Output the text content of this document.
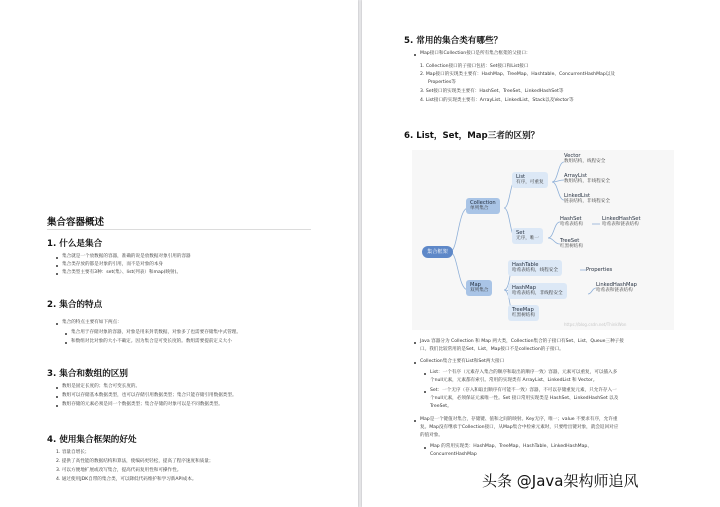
集合容器概述
1. 什么是集合
集合就是一个放数据的容器，准确的说是放数据对象引用的容器
集合类存放的都是对象的引用，而不是对象的本身
集合类型主要有3种：set(集）、list(列表）和map(映射)。
2. 集合的特点
集合的特点主要有如下两点：
集合用于存储对象的容器，对象是用来封装数据，对象多了也需要存储集中式管理。
和数组对比对象的大小不确定。因为集合是可变长度的。数组需要提前定义大小
3. 集合和数组的区别
数组是固定长度的；集合可变长度的。
数组可以存储基本数据类型，也可以存储引用数据类型；集合只能存储引用数据类型。
数组存储的元素必须是同一个数据类型；集合存储的对象可以是不同数据类型。
4. 使用集合框架的好处
1. 容量自增长；
2. 提供了高性能的数据结构和算法，使编码更轻松，提高了程序速度和质量；
3. 可以方便地扩展或改写集合，提高代码复用性和可操作性。
4. 通过使用JDK自带的集合类，可以降低代码维护和学习新API成本。
5. 常用的集合类有哪些？
Map接口和Collection接口是所有集合框架的父接口：
1. Collection接口的子接口包括：Set接口和List接口
2. Map接口的实现类主要有：HashMap、TreeMap、Hashtable、ConcurrentHashMap以及
Properties等
3. Set接口的实现类主要有：HashSet、TreeSet、LinkedHashSet等
4. List接口的实现类主要有：ArrayList、LinkedList、Stack以及Vector等
6. List，Set，Map三者的区别？
集合框架
Collection
单列集合
Map
双列集合
List
有序，可重复
Set
无序，唯一
Vector
数组结构，线程安全
ArrayList
数组结构，非线程安全
LinkedList
链表结构，非线程安全
HashSet
哈希表结构
LinkedHashSet
哈希表和链表结构
TreeSet
红黑树结构
HashTable
哈希表结构，线程安全	Properties
HashMap
哈希表结构，非线程安全
LinkedHashMap
哈希表和链表结构
TreeMap
红黑树结构
https://blog.csdn.net/ThinkWon
Java 容器分为 Collection 和 Map 两大类，Collection集合的子接口有Set、List、Queue三种子接
口。我们比较常用的是Set、List，Map接口不是collection的子接口。
Collection集合主要有List和Set两大接口
List：一个有序（元素存入集合的顺序和取出的顺序一致）容器，元素可以重复，可以插入多
个null元素，元素都有索引。常用的实现类有 ArrayList、LinkedList 和 Vector。
Set：一个无序（存入和取出顺序有可能不一致）容器，不可以存储重复元素，只允许存入一
个null元素，必须保证元素唯一性。Set 接口常用实现类是 HashSet、LinkedHashSet 以及
TreeSet。
Map是一个键值对集合，存储键、值和之间的映射。Key无序，唯一；value 不要求有序，允许重
复。Map没有继承于Collection接口，从Map集合中检索元素时，只要给出键对象，就会返回对应
的值对象。
Map 的常用实现类：HashMap、TreeMap、HashTable、LinkedHashMap、
ConcurrentHashMap
头条 @Java架构师追风
